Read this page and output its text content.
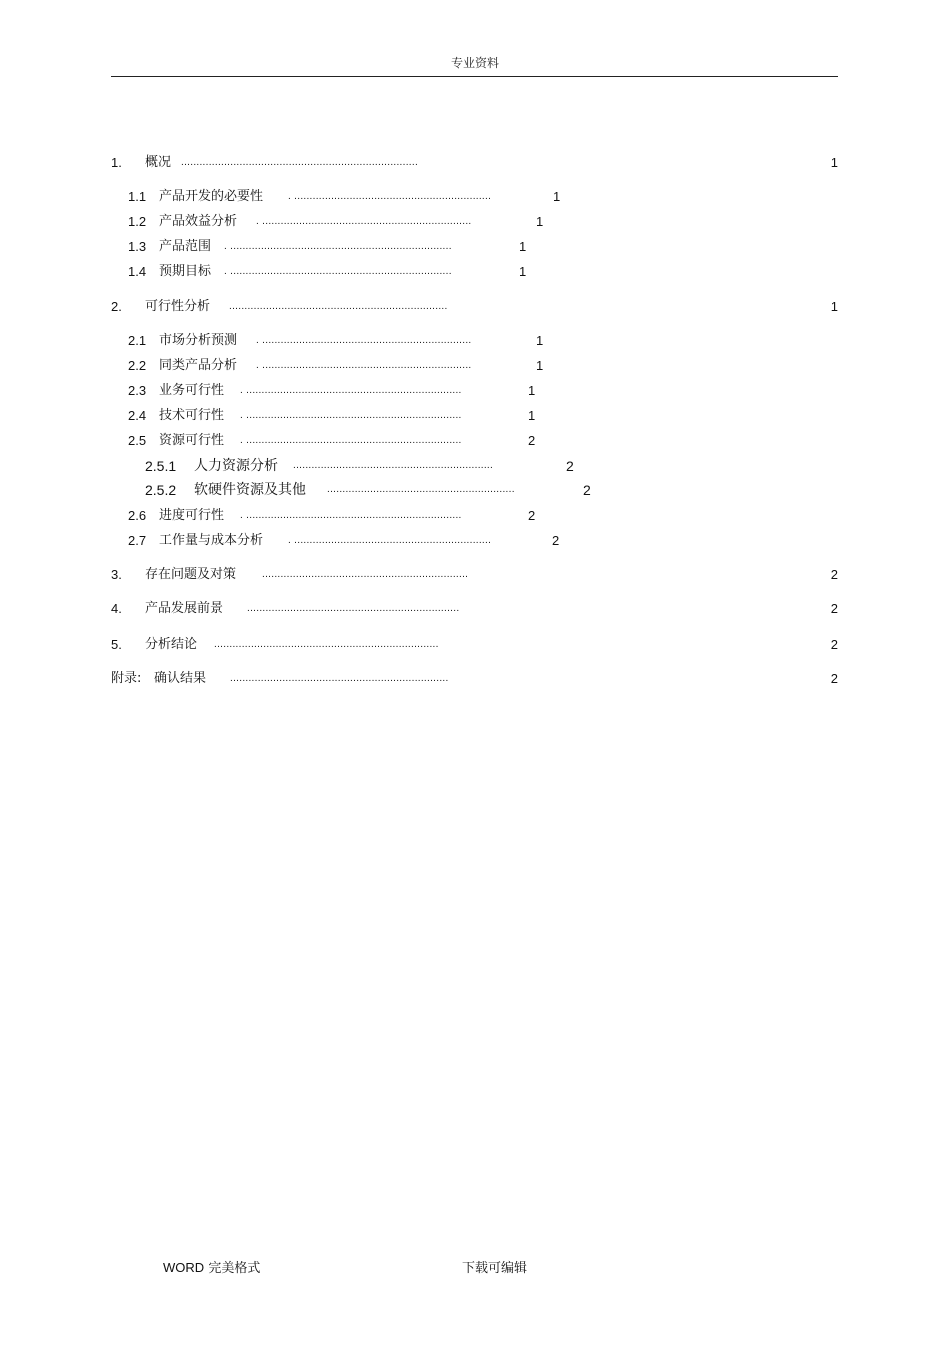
专业资料
1. 概况 .............................................................................	1
1.1 产品开发的必要性 . ................................................................	1
1.2 产品效益分析 . ....................................................................	1
1.3 产品范围 . ........................................................................	1
1.4 预期目标 . ........................................................................	1
2. 可行性分析 .......................................................................	1
2.1 市场分析预测 . ....................................................................	1
2.2 同类产品分析 . ....................................................................	1
2.3 业务可行性 . ......................................................................	1
2.4 技术可行性 . ......................................................................	1
2.5 资源可行性 . ......................................................................	2
2.5.1 人力资源分析 .................................................................	2
2.5.2 软硬件资源及其他 .............................................................	2
2.6 进度可行性 . ......................................................................	2
2.7 工作量与成本分析 . ................................................................	2
3. 存在问题及对策	...................................................................	2
4. 产品发展前景 .....................................................................	2
5. 分析结论 .........................................................................	2
附录: 确认结果 .......................................................................	2
WORD 完美格式	下载可编辑
